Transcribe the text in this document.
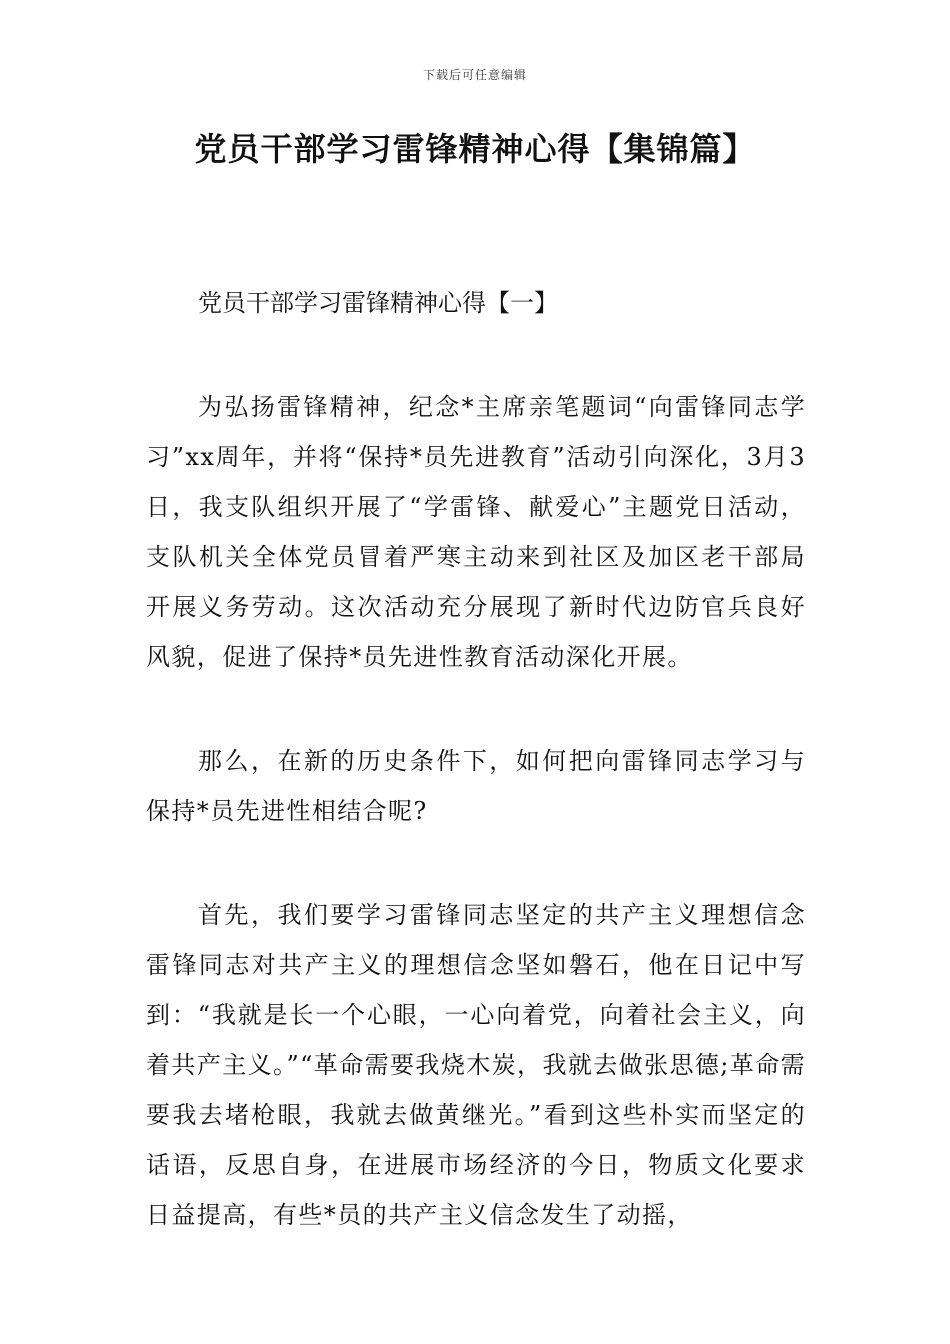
下载后可任意编辑
党员干部学习雷锋精神心得【集锦篇】

党员干部学习雷锋精神心得【一】

为弘扬雷锋精神，纪念*主席亲笔题词“向雷锋同志学习”xx周年，并将“保持*员先进教育”活动引向深化，3月3日，我支队组织开展了“学雷锋、献爱心”主题党日活动，支队机关全体党员冒着严寒主动来到社区及加区老干部局开展义务劳动。这次活动充分展现了新时代边防官兵良好风貌，促进了保持*员先进性教育活动深化开展。

那么，在新的历史条件下，如何把向雷锋同志学习与保持*员先进性相结合呢?

首先，我们要学习雷锋同志坚定的共产主义理想信念雷锋同志对共产主义的理想信念坚如磐石，他在日记中写到：“我就是长一个心眼，一心向着党，向着社会主义，向着共产主义。”“革命需要我烧木炭，我就去做张思德;革命需要我去堵枪眼，我就去做黄继光。”看到这些朴实而坚定的话语，反思自身，在进展市场经济的今日，物质文化要求日益提高，有些*员的共产主义信念发生了动摇，
